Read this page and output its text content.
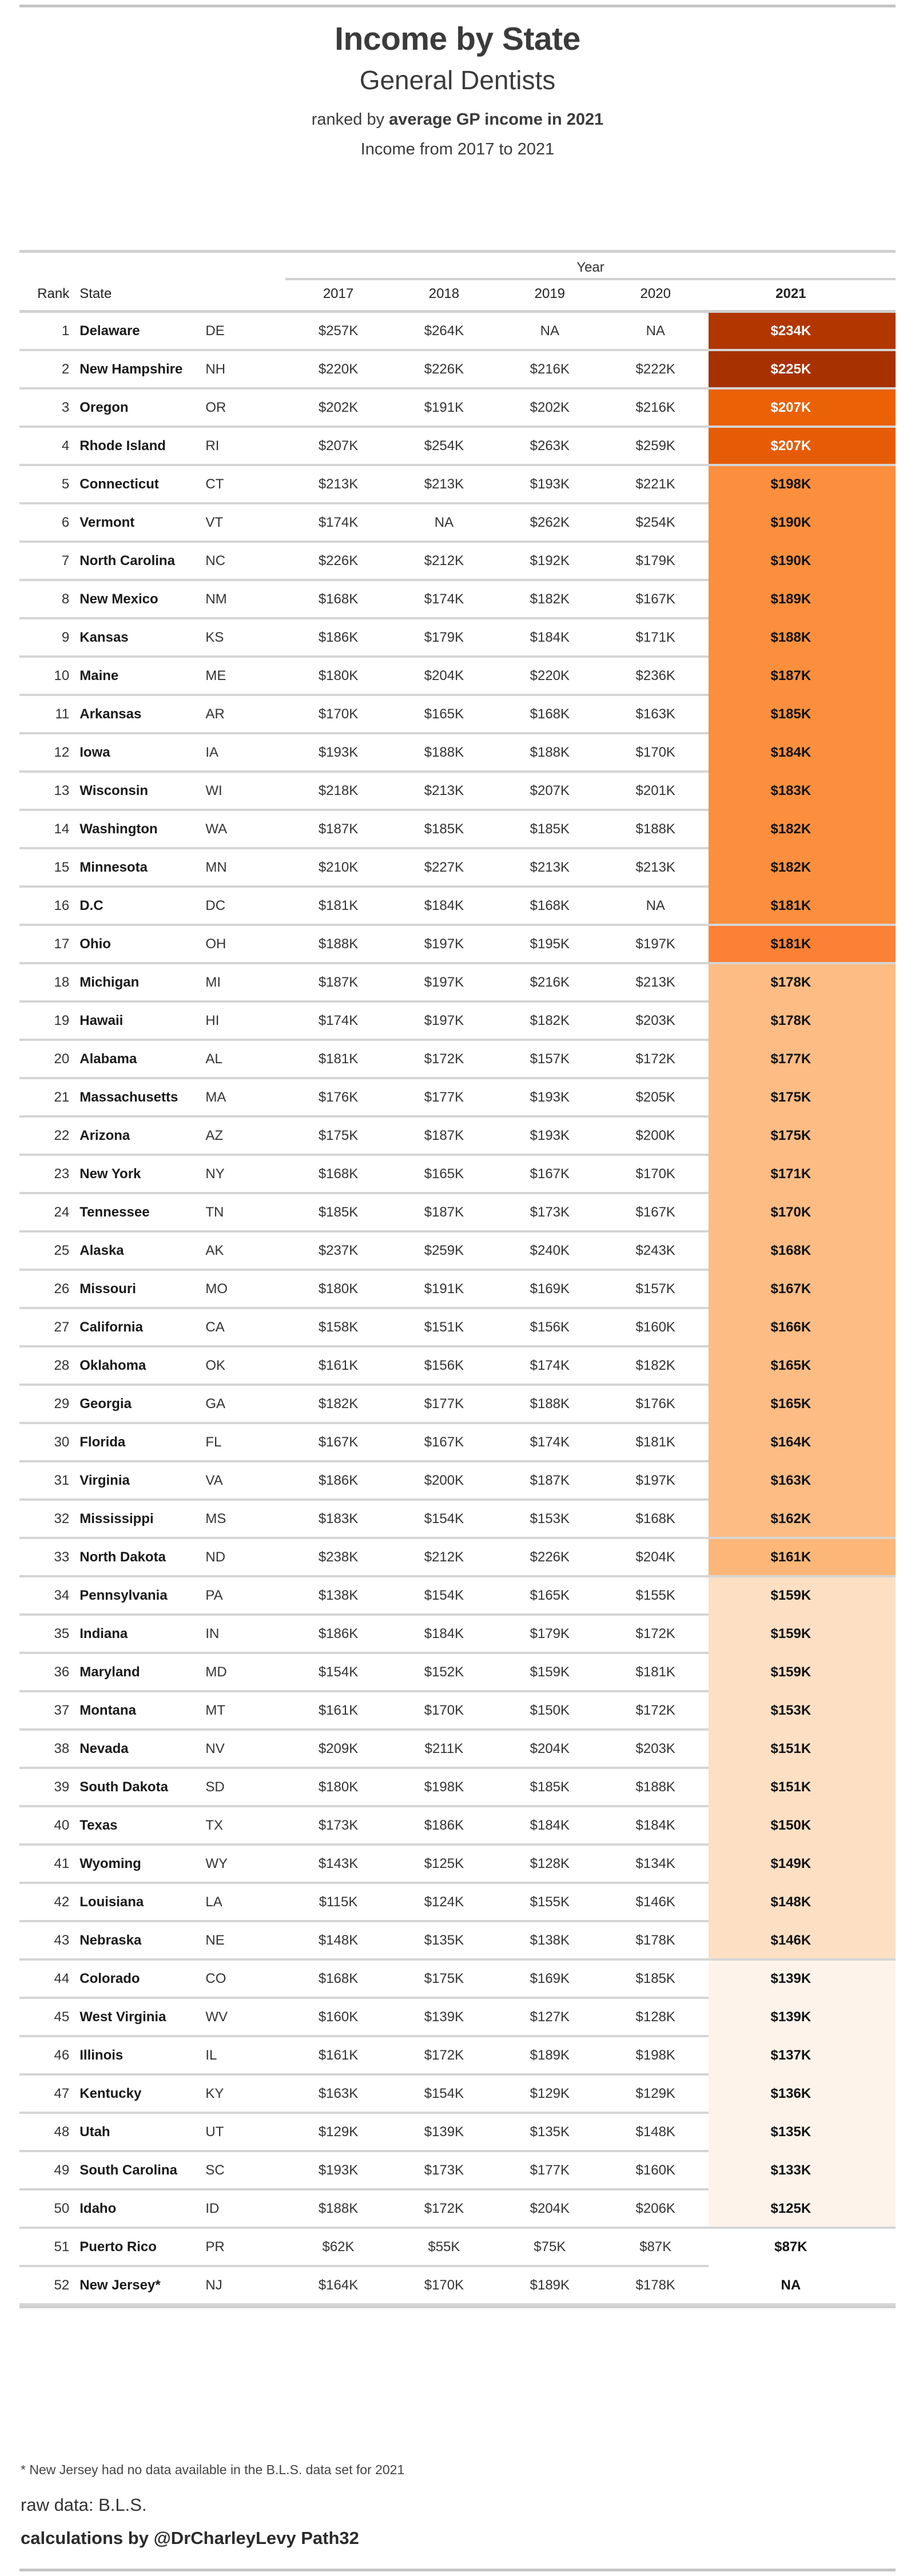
Income by State
General Dentists
ranked by average GP income in 2021
Income from 2017 to 2021

			Year				

Rank	State		2017	2018	2019	2020	2021

1	Delaware	DE	$257K	$264K	NA	NA	$234K

2	New Hampshire	NH	$220K	$226K	$216K	$222K	$225K

3	Oregon	OR	$202K	$191K	$202K	$216K	$207K

4	Rhode Island	RI	$207K	$254K	$263K	$259K	$207K

5	Connecticut	CT	$213K	$213K	$193K	$221K	$198K

6	Vermont	VT	$174K	NA	$262K	$254K	$190K

7	North Carolina	NC	$226K	$212K	$192K	$179K	$190K

8	New Mexico	NM	$168K	$174K	$182K	$167K	$189K

9	Kansas	KS	$186K	$179K	$184K	$171K	$188K

10	Maine	ME	$180K	$204K	$220K	$236K	$187K

11	Arkansas	AR	$170K	$165K	$168K	$163K	$185K

12	Iowa	IA	$193K	$188K	$188K	$170K	$184K

13	Wisconsin	WI	$218K	$213K	$207K	$201K	$183K

14	Washington	WA	$187K	$185K	$185K	$188K	$182K

15	Minnesota	MN	$210K	$227K	$213K	$213K	$182K

16	D.C	DC	$181K	$184K	$168K	NA	$181K

17	Ohio	OH	$188K	$197K	$195K	$197K	$181K

18	Michigan	MI	$187K	$197K	$216K	$213K	$178K

19	Hawaii	HI	$174K	$197K	$182K	$203K	$178K

20	Alabama	AL	$181K	$172K	$157K	$172K	$177K

21	Massachusetts	MA	$176K	$177K	$193K	$205K	$175K

22	Arizona	AZ	$175K	$187K	$193K	$200K	$175K

23	New York	NY	$168K	$165K	$167K	$170K	$171K

24	Tennessee	TN	$185K	$187K	$173K	$167K	$170K

25	Alaska	AK	$237K	$259K	$240K	$243K	$168K

26	Missouri	MO	$180K	$191K	$169K	$157K	$167K

27	California	CA	$158K	$151K	$156K	$160K	$166K

28	Oklahoma	OK	$161K	$156K	$174K	$182K	$165K

29	Georgia	GA	$182K	$177K	$188K	$176K	$165K

30	Florida	FL	$167K	$167K	$174K	$181K	$164K

31	Virginia	VA	$186K	$200K	$187K	$197K	$163K

32	Mississippi	MS	$183K	$154K	$153K	$168K	$162K

33	North Dakota	ND	$238K	$212K	$226K	$204K	$161K

34	Pennsylvania	PA	$138K	$154K	$165K	$155K	$159K

35	Indiana	IN	$186K	$184K	$179K	$172K	$159K

36	Maryland	MD	$154K	$152K	$159K	$181K	$159K

37	Montana	MT	$161K	$170K	$150K	$172K	$153K

38	Nevada	NV	$209K	$211K	$204K	$203K	$151K

39	South Dakota	SD	$180K	$198K	$185K	$188K	$151K

40	Texas	TX	$173K	$186K	$184K	$184K	$150K

41	Wyoming	WY	$143K	$125K	$128K	$134K	$149K

42	Louisiana	LA	$115K	$124K	$155K	$146K	$148K

43	Nebraska	NE	$148K	$135K	$138K	$178K	$146K

44	Colorado	CO	$168K	$175K	$169K	$185K	$139K

45	West Virginia	WV	$160K	$139K	$127K	$128K	$139K

46	Illinois	IL	$161K	$172K	$189K	$198K	$137K

47	Kentucky	KY	$163K	$154K	$129K	$129K	$136K

48	Utah	UT	$129K	$139K	$135K	$148K	$135K

49	South Carolina	SC	$193K	$173K	$177K	$160K	$133K

50	Idaho	ID	$188K	$172K	$204K	$206K	$125K

51	Puerto Rico	PR	$62K	$55K	$75K	$87K	$87K

52	New Jersey*	NJ	$164K	$170K	$189K	$178K	NA

* New Jersey had no data available in the B.L.S. data set for 2021
raw data: B.L.S.
calculations by @DrCharleyLevy Path32
